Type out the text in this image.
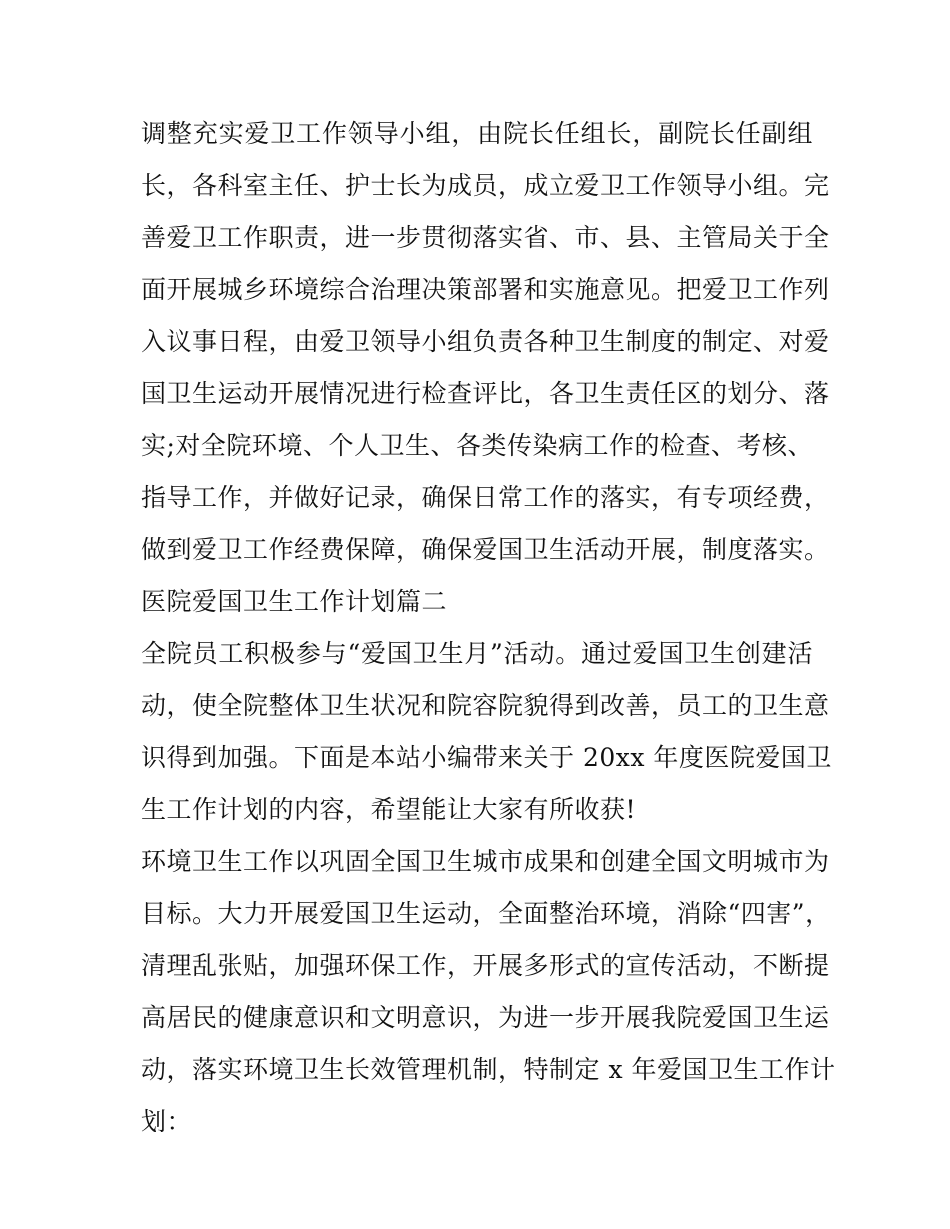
调整充实爱卫工作领导小组，由院长任组长，副院长任副组
长，各科室主任、护士长为成员，成立爱卫工作领导小组。完
善爱卫工作职责，进一步贯彻落实省、市、县、主管局关于全
面开展城乡环境综合治理决策部署和实施意见。把爱卫工作列
入议事日程，由爱卫领导小组负责各种卫生制度的制定、对爱
国卫生运动开展情况进行检查评比，各卫生责任区的划分、落
实;对全院环境、个人卫生、各类传染病工作的检查、考核、
指导工作，并做好记录，确保日常工作的落实，有专项经费，
做到爱卫工作经费保障，确保爱国卫生活动开展，制度落实。
医院爱国卫生工作计划篇二
全院员工积极参与“爱国卫生月”活动。通过爱国卫生创建活
动，使全院整体卫生状况和院容院貌得到改善，员工的卫生意
识得到加强。下面是本站小编带来关于 20xx 年度医院爱国卫
生工作计划的内容，希望能让大家有所收获!
环境卫生工作以巩固全国卫生城市成果和创建全国文明城市为
目标。大力开展爱国卫生运动，全面整治环境，消除“四害”，
清理乱张贴，加强环保工作，开展多形式的宣传活动，不断提
高居民的健康意识和文明意识，为进一步开展我院爱国卫生运
动，落实环境卫生长效管理机制，特制定 x 年爱国卫生工作计
划：
